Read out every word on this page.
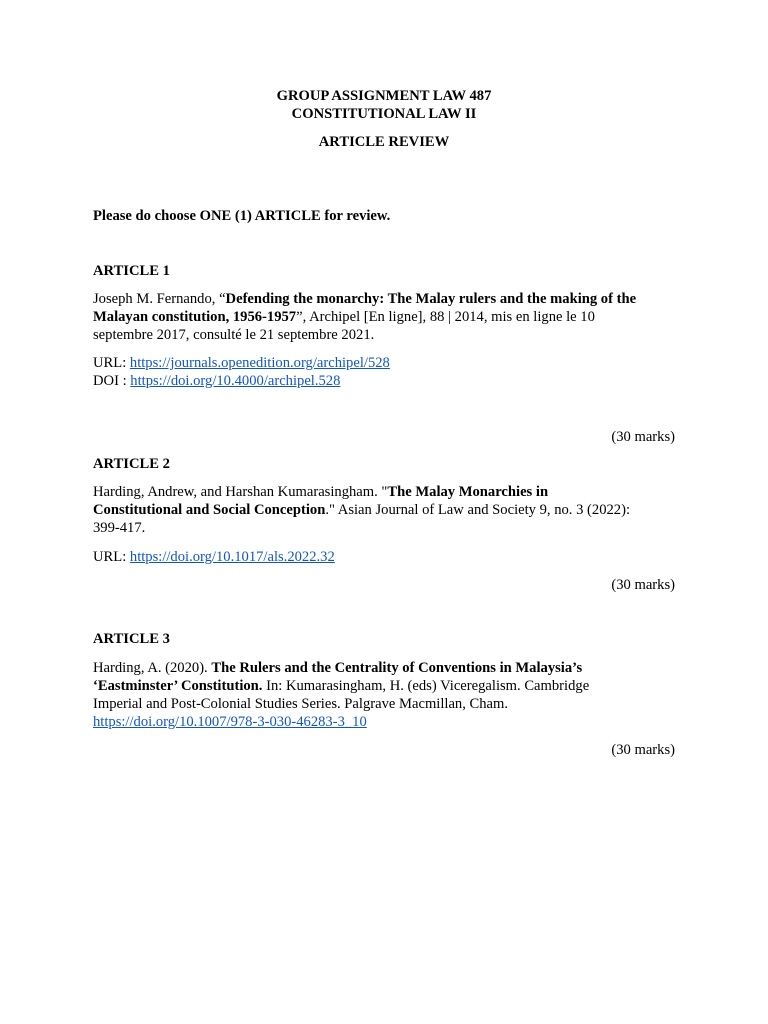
GROUP ASSIGNMENT LAW 487
CONSTITUTIONAL LAW II
ARTICLE REVIEW
Please do choose ONE (1) ARTICLE for review.
ARTICLE 1
Joseph M. Fernando, “Defending the monarchy: The Malay rulers and the making of the
Malayan constitution, 1956-1957”, Archipel [En ligne], 88 | 2014, mis en ligne le 10
septembre 2017, consulté le 21 septembre 2021.
URL: https://journals.openedition.org/archipel/528
DOI : https://doi.org/10.4000/archipel.528
(30 marks)
ARTICLE 2
Harding, Andrew, and Harshan Kumarasingham. "The Malay Monarchies in
Constitutional and Social Conception." Asian Journal of Law and Society 9, no. 3 (2022):
399-417.
URL: https://doi.org/10.1017/als.2022.32
(30 marks)
ARTICLE 3
Harding, A. (2020). The Rulers and the Centrality of Conventions in Malaysia’s
‘Eastminster’ Constitution. In: Kumarasingham, H. (eds) Viceregalism. Cambridge
Imperial and Post-Colonial Studies Series. Palgrave Macmillan, Cham.
https://doi.org/10.1007/978-3-030-46283-3_10
(30 marks)
